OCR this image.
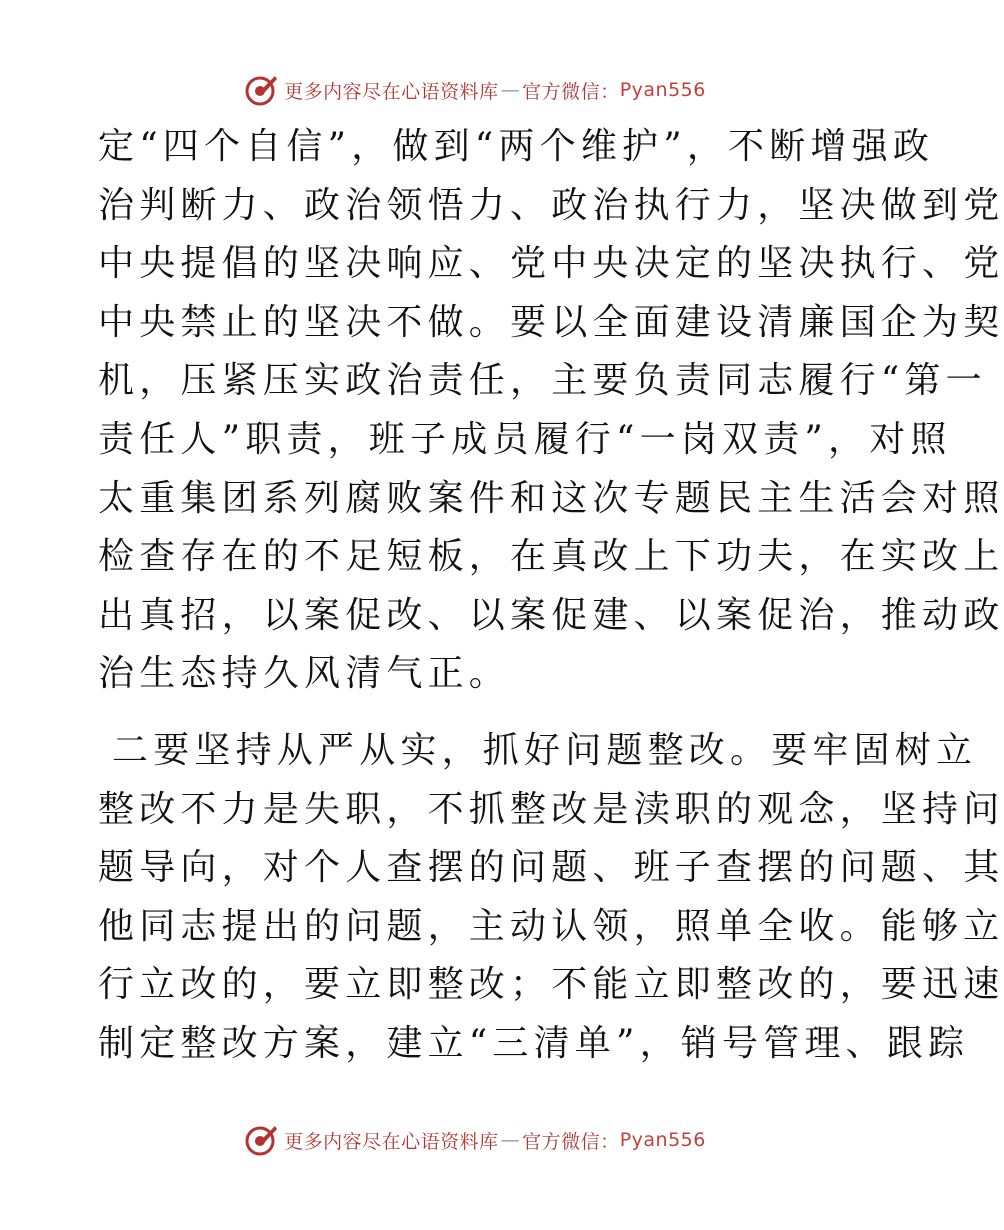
更多内容尽在心语资料库 — 官方微信： Pyan556
定“四个自信”，做到“两个维护”，不断增强政
治判断力、政治领悟力、政治执行力，坚决做到党
中央提倡的坚决响应、党中央决定的坚决执行、党
中央禁止的坚决不做。要以全面建设清廉国企为契
机，压紧压实政治责任，主要负责同志履行“第一
责任人”职责，班子成员履行“一岗双责”，对照
太重集团系列腐败案件和这次专题民主生活会对照
检查存在的不足短板，在真改上下功夫，在实改上
出真招，以案促改、以案促建、以案促治，推动政
治生态持久风清气正。
二要坚持从严从实，抓好问题整改。要牢固树立
整改不力是失职，不抓整改是渎职的观念，坚持问
题导向，对个人查摆的问题、班子查摆的问题、其
他同志提出的问题，主动认领，照单全收。能够立
行立改的，要立即整改；不能立即整改的，要迅速
制定整改方案，建立“三清单”，销号管理、跟踪
更多内容尽在心语资料库 — 官方微信： Pyan556
